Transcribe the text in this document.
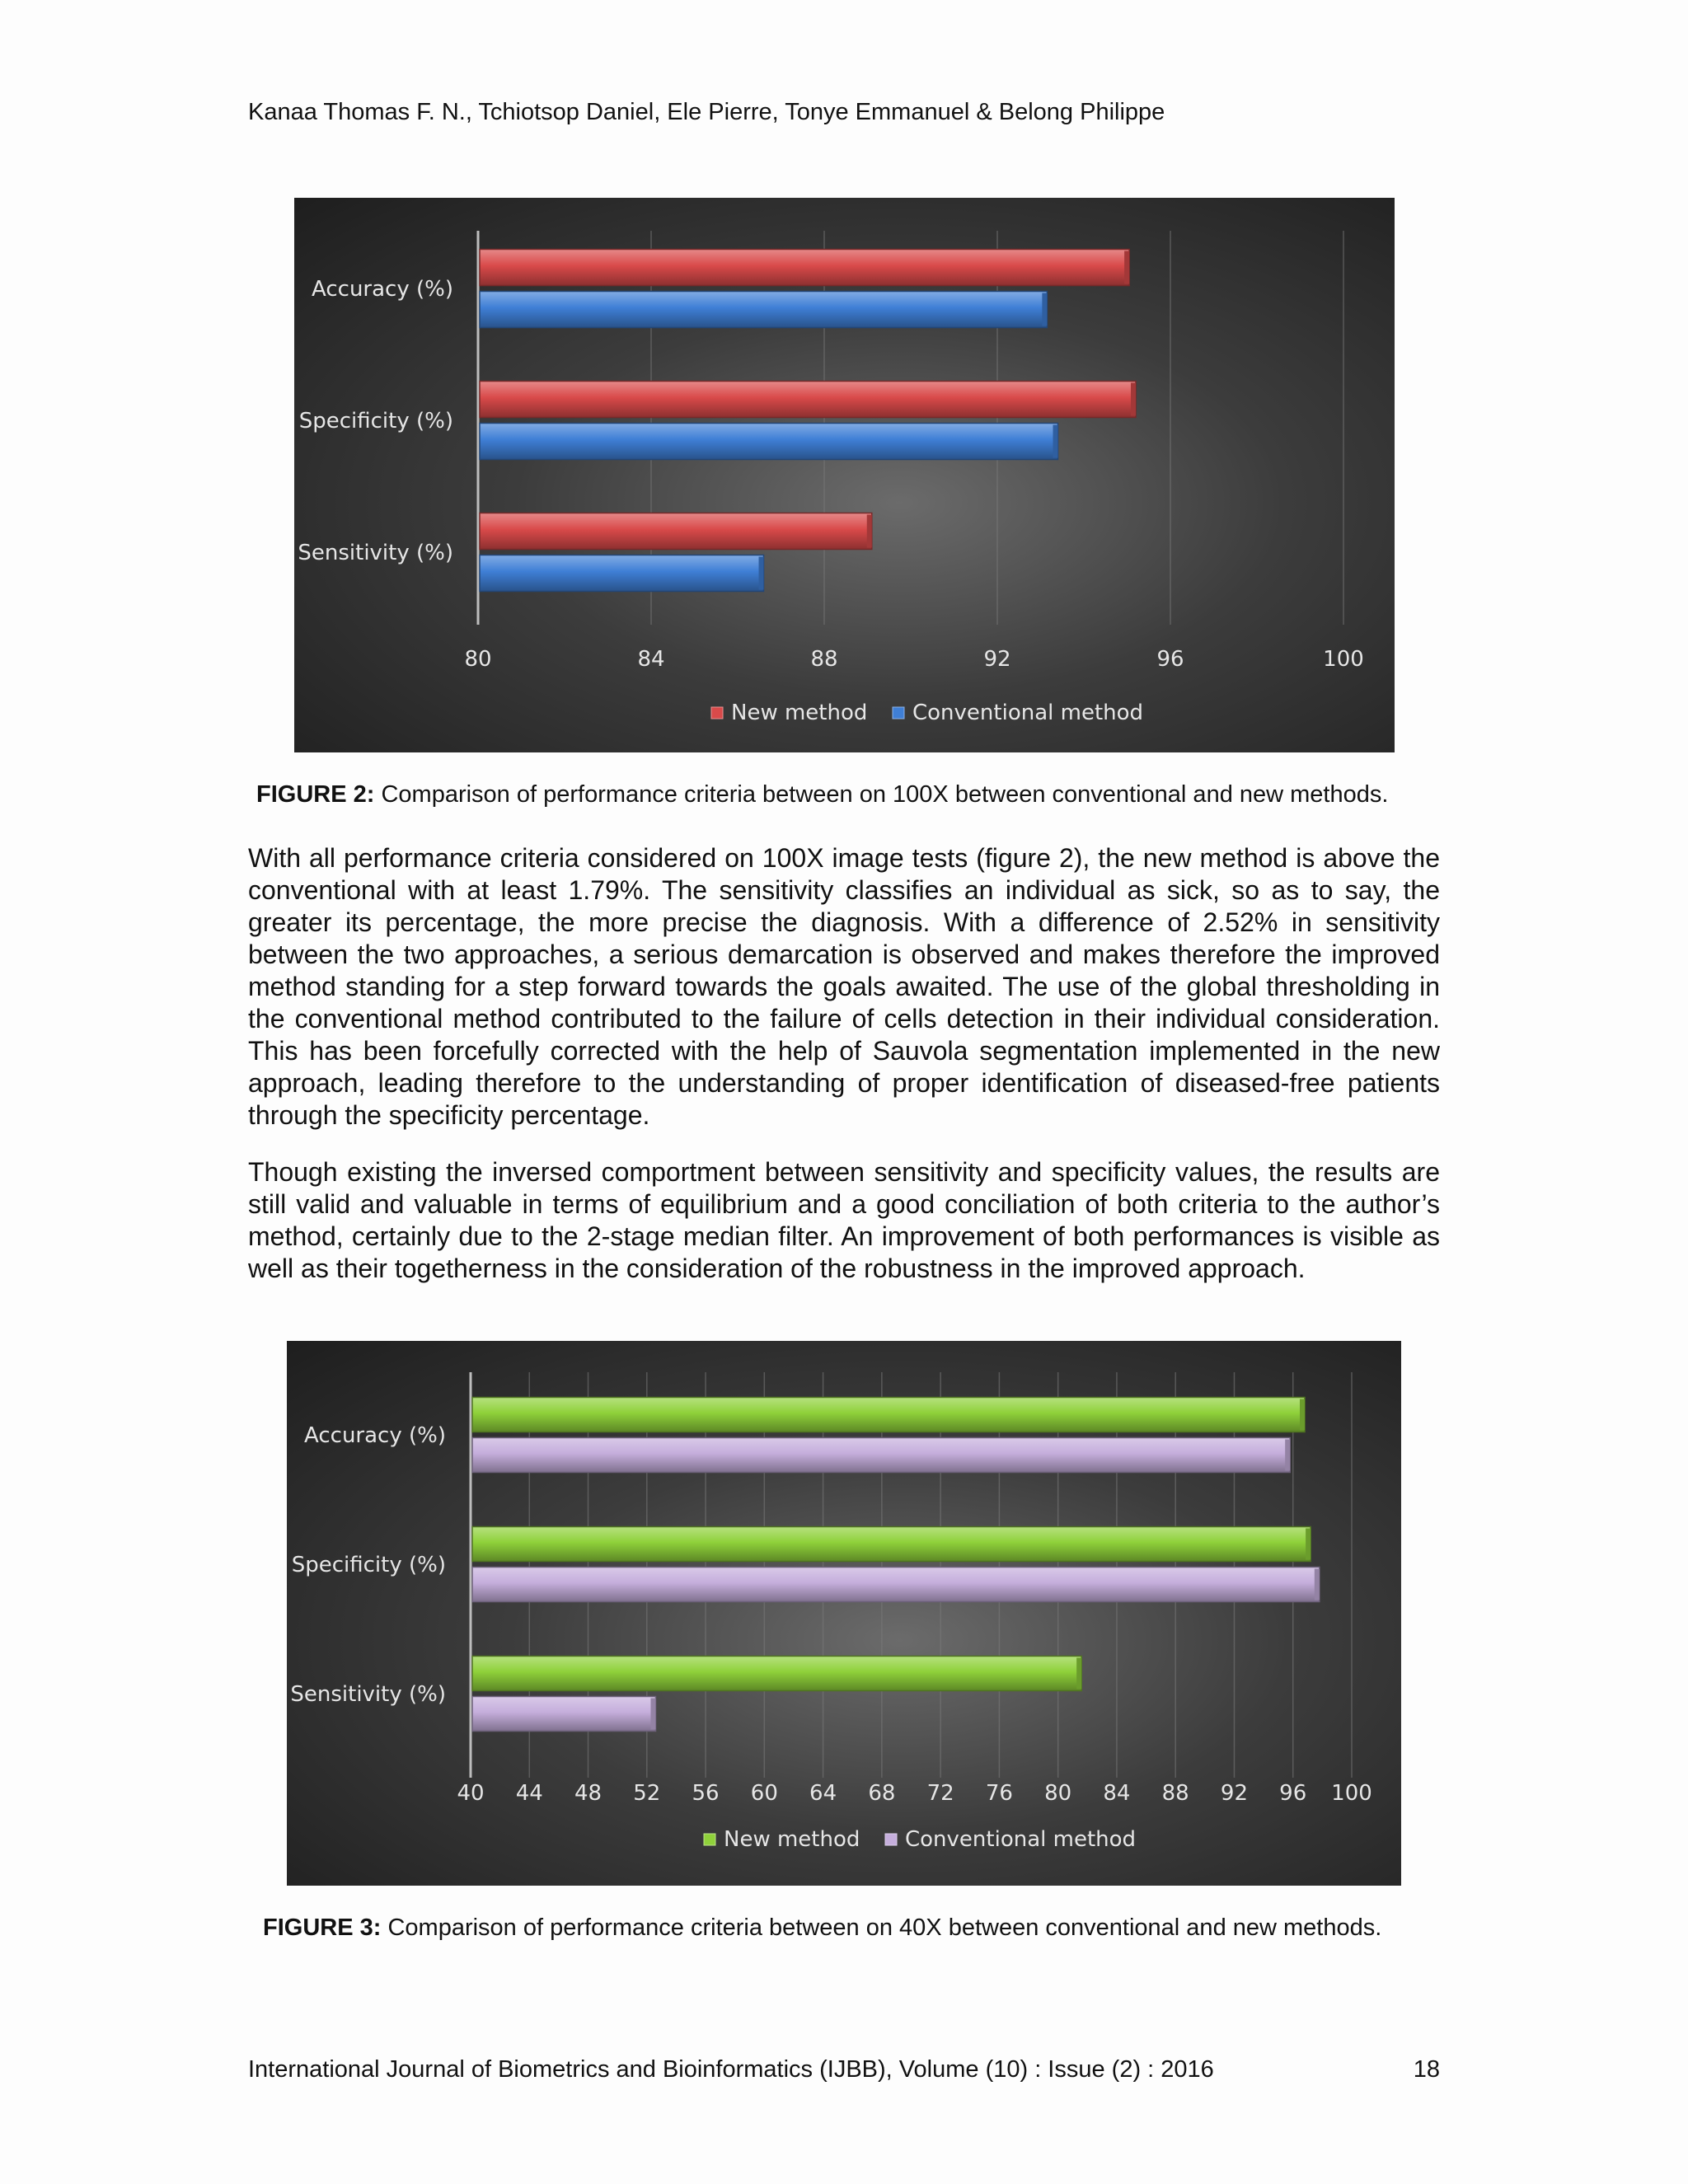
Kanaa Thomas F. N., Tchiotsop Daniel, Ele Pierre, Tonye Emmanuel & Belong Philippe
80	84	88	92	96	100
Accuracy (%)
Specificity (%)
Sensitivity (%)
New method Conventional method
FIGURE 2: Comparison of performance criteria between on 100X between conventional and new methods.

With all performance criteria considered on 100X image tests (figure 2), the new method is above the conventional with at least 1.79%. The sensitivity classifies an individual as sick, so as to say, the greater its percentage, the more precise the diagnosis. With a difference of 2.52% in sensitivity between the two approaches, a serious demarcation is observed and makes therefore the improved method standing for a step forward towards the goals awaited. The use of the global thresholding in the conventional method contributed to the failure of cells detection in their individual consideration. This has been forcefully corrected with the help of Sauvola segmentation implemented in the new approach, leading therefore to the understanding of proper identification of diseased-free patients through the specificity percentage.

Though existing the inversed comportment between sensitivity and specificity values, the results are still valid and valuable in terms of equilibrium and a good conciliation of both criteria to the author’s method, certainly due to the 2-stage median filter. An improvement of both performances is visible as well as their togetherness in the consideration of the robustness in the improved approach.

40 44 48 52 56 60 64 68 72 76 80 84 88 92 96 100
Accuracy (%)
Specificity (%)
Sensitivity (%)
New method Conventional method
FIGURE 3: Comparison of performance criteria between on 40X between conventional and new methods.
International Journal of Biometrics and Bioinformatics (IJBB), Volume (10) : Issue (2) : 2016	18
